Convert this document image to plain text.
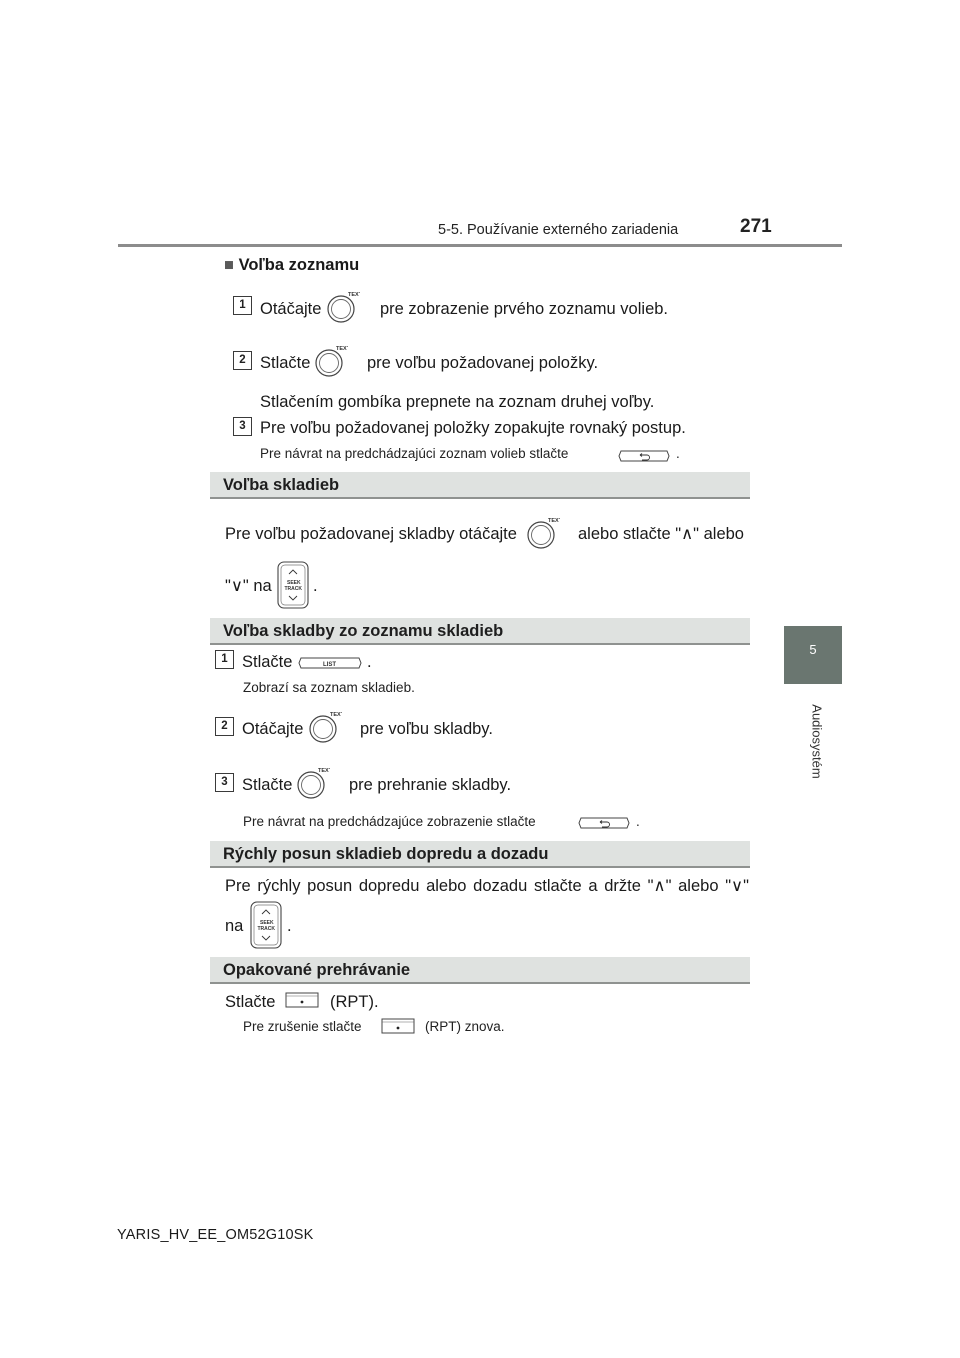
5-5. Používanie externého zariadenia	271
5
Audiosystém
■ Voľba zoznamu
1 Otáčajte	pre zobrazenie prvého zoznamu volieb.
2 Stlačte	pre voľbu požadovanej položky.
Stlačením gombíka prepnete na zoznam druhej voľby.
3 Pre voľbu požadovanej položky zopakujte rovnaký postup.
Pre návrat na predchádzajúci zoznam volieb stlačte	.
Voľba skladieb
Pre voľbu požadovanej skladby otáčajte	alebo stlačte "∧" alebo
"∨" na	.
Voľba skladby zo zoznamu skladieb
1 Stlačte	.
Zobrazí sa zoznam skladieb.
2 Otáčajte	pre voľbu skladby.
3 Stlačte	pre prehranie skladby.
Pre návrat na predchádzajúce zobrazenie stlačte	.
Rýchly posun skladieb dopredu a dozadu
Pre rýchly posun dopredu alebo dozadu stlačte a držte "∧" alebo "∨"
na	.
Opakované prehrávanie
Stlačte	(RPT).
Pre zrušenie stlačte	(RPT) znova.
YARIS_HV_EE_OM52G10SK
